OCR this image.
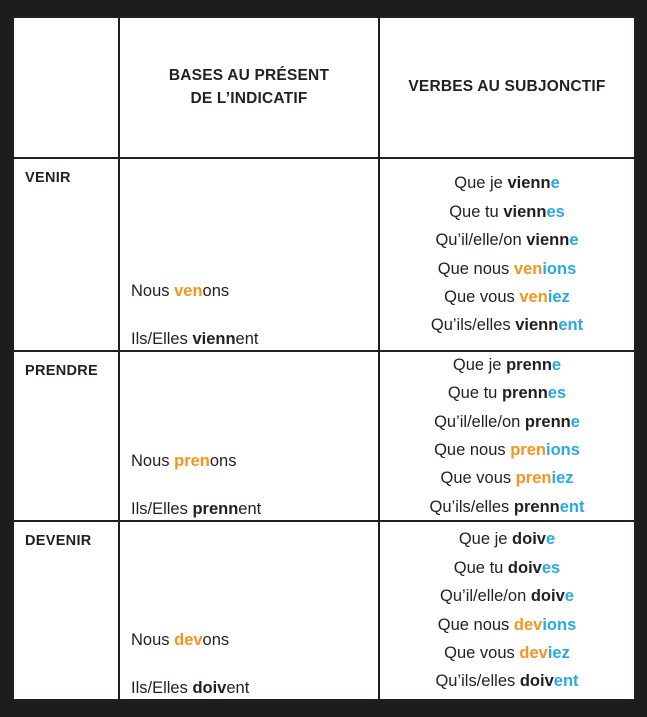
BASES AU PRÉSENT
DE L’INDICATIF
VERBES AU SUBJONCTIF
VENIR
Nous venons
Ils/Elles viennent
Que je vienne
Que tu viennes
Qu’il/elle/on vienne
Que nous venions
Que vous veniez
Qu’ils/elles viennent
PRENDRE
Nous prenons
Ils/Elles prennent
Que je prenne
Que tu prennes
Qu’il/elle/on prenne
Que nous prenions
Que vous preniez
Qu’ils/elles prennent
DEVENIR
Nous devons
Ils/Elles doivent
Que je doive
Que tu doives
Qu’il/elle/on doive
Que nous devions
Que vous deviez
Qu’ils/elles doivent
